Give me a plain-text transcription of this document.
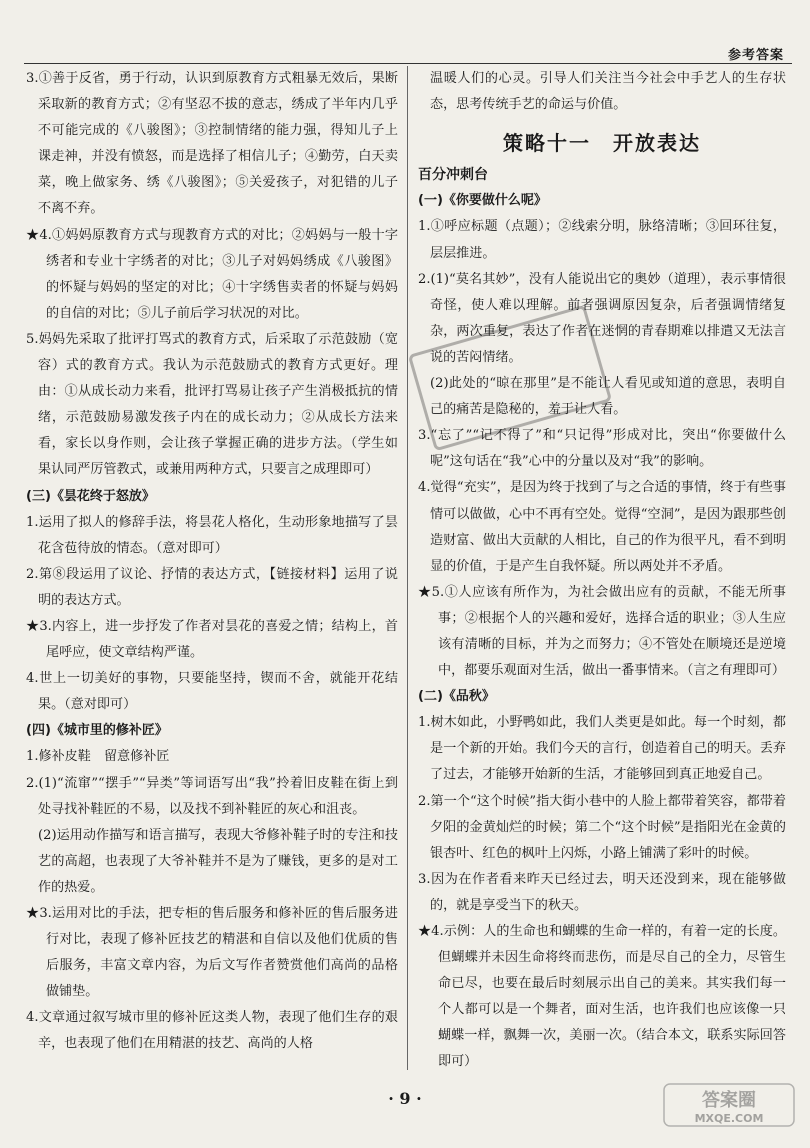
参考答案
3.①善于反省，勇于行动，认识到原教育方式粗暴无效后，果断采取新的教育方式；②有坚忍不拔的意志，绣成了半年内几乎不可能完成的《八骏图》；③控制情绪的能力强，得知儿子上课走神，并没有愤怒，而是选择了相信儿子；④勤劳，白天卖菜，晚上做家务、绣《八骏图》；⑤关爱孩子，对犯错的儿子不离不弃。
★4.①妈妈原教育方式与现教育方式的对比；②妈妈与一般十字绣者和专业十字绣者的对比；③儿子对妈妈绣成《八骏图》的怀疑与妈妈的坚定的对比；④十字绣售卖者的怀疑与妈妈的自信的对比；⑤儿子前后学习状况的对比。
5.妈妈先采取了批评打骂式的教育方式，后采取了示范鼓励（宽容）式的教育方式。我认为示范鼓励式的教育方式更好。理由：①从成长动力来看，批评打骂易让孩子产生消极抵抗的情绪，示范鼓励易激发孩子内在的成长动力；②从成长方法来看，家长以身作则，会让孩子掌握正确的进步方法。（学生如果认同严厉管教式，或兼用两种方式，只要言之成理即可）
(三)《昙花终于怒放》
1.运用了拟人的修辞手法，将昙花人格化，生动形象地描写了昙花含苞待放的情态。（意对即可）
2.第⑧段运用了议论、抒情的表达方式，【链接材料】运用了说明的表达方式。
★3.内容上，进一步抒发了作者对昙花的喜爱之情；结构上，首尾呼应，使文章结构严谨。
4.世上一切美好的事物，只要能坚持，锲而不舍，就能开花结果。（意对即可）
(四)《城市里的修补匠》
1.修补皮鞋　留意修补匠
2.(1)“流窜”“摆手”“异类”等词语写出“我”拎着旧皮鞋在街上到处寻找补鞋匠的不易，以及找不到补鞋匠的灰心和沮丧。
(2)运用动作描写和语言描写，表现大爷修补鞋子时的专注和技艺的高超，也表现了大爷补鞋并不是为了赚钱，更多的是对工作的热爱。
★3.运用对比的手法，把专柜的售后服务和修补匠的售后服务进行对比，表现了修补匠技艺的精湛和自信以及他们优质的售后服务，丰富文章内容，为后文写作者赞赏他们高尚的品格做铺垫。
4.文章通过叙写城市里的修补匠这类人物，表现了他们生存的艰辛，也表现了他们在用精湛的技艺、高尚的人格
温暖人们的心灵。引导人们关注当今社会中手艺人的生存状态，思考传统手艺的命运与价值。
策略十一　开放表达
百分冲刺台
(一)《你要做什么呢》
1.①呼应标题（点题）；②线索分明，脉络清晰；③回环往复，层层推进。
2.(1)“莫名其妙”，没有人能说出它的奥妙（道理），表示事情很奇怪，使人难以理解。前者强调原因复杂，后者强调情绪复杂，两次重复，表达了作者在迷惘的青春期难以排遣又无法言说的苦闷情绪。
(2)此处的“晾在那里”是不能让人看见或知道的意思，表明自己的痛苦是隐秘的，羞于让人看。
3.“忘了”“记不得了”和“只记得”形成对比，突出“你要做什么呢”这句话在“我”心中的分量以及对“我”的影响。
4.觉得“充实”，是因为终于找到了与之合适的事情，终于有些事情可以做做，心中不再有空处。觉得“空洞”，是因为跟那些创造财富、做出大贡献的人相比，自己的作为很平凡，看不到明显的价值，于是产生自我怀疑。所以两处并不矛盾。
★5.①人应该有所作为，为社会做出应有的贡献，不能无所事事；②根据个人的兴趣和爱好，选择合适的职业；③人生应该有清晰的目标，并为之而努力；④不管处在顺境还是逆境中，都要乐观面对生活，做出一番事情来。（言之有理即可）
(二)《品秋》
1.树木如此，小野鸭如此，我们人类更是如此。每一个时刻，都是一个新的开始。我们今天的言行，创造着自己的明天。丢弃了过去，才能够开始新的生活，才能够回到真正地爱自己。
2.第一个“这个时候”指大街小巷中的人脸上都带着笑容，都带着夕阳的金黄灿烂的时候；第二个“这个时候”是指阳光在金黄的银杏叶、红色的枫叶上闪烁，小路上铺满了彩叶的时候。
3.因为在作者看来昨天已经过去，明天还没到来，现在能够做的，就是享受当下的秋天。
★4.示例：人的生命也和蝴蝶的生命一样的，有着一定的长度。但蝴蝶并未因生命将终而悲伤，而是尽自己的全力，尽管生命已尽，也要在最后时刻展示出自己的美来。其实我们每一个人都可以是一个舞者，面对生活，也许我们也应该像一只蝴蝶一样，飘舞一次，美丽一次。（结合本文，联系实际回答即可）
答案圈
MXQE.COM
· 9 ·
